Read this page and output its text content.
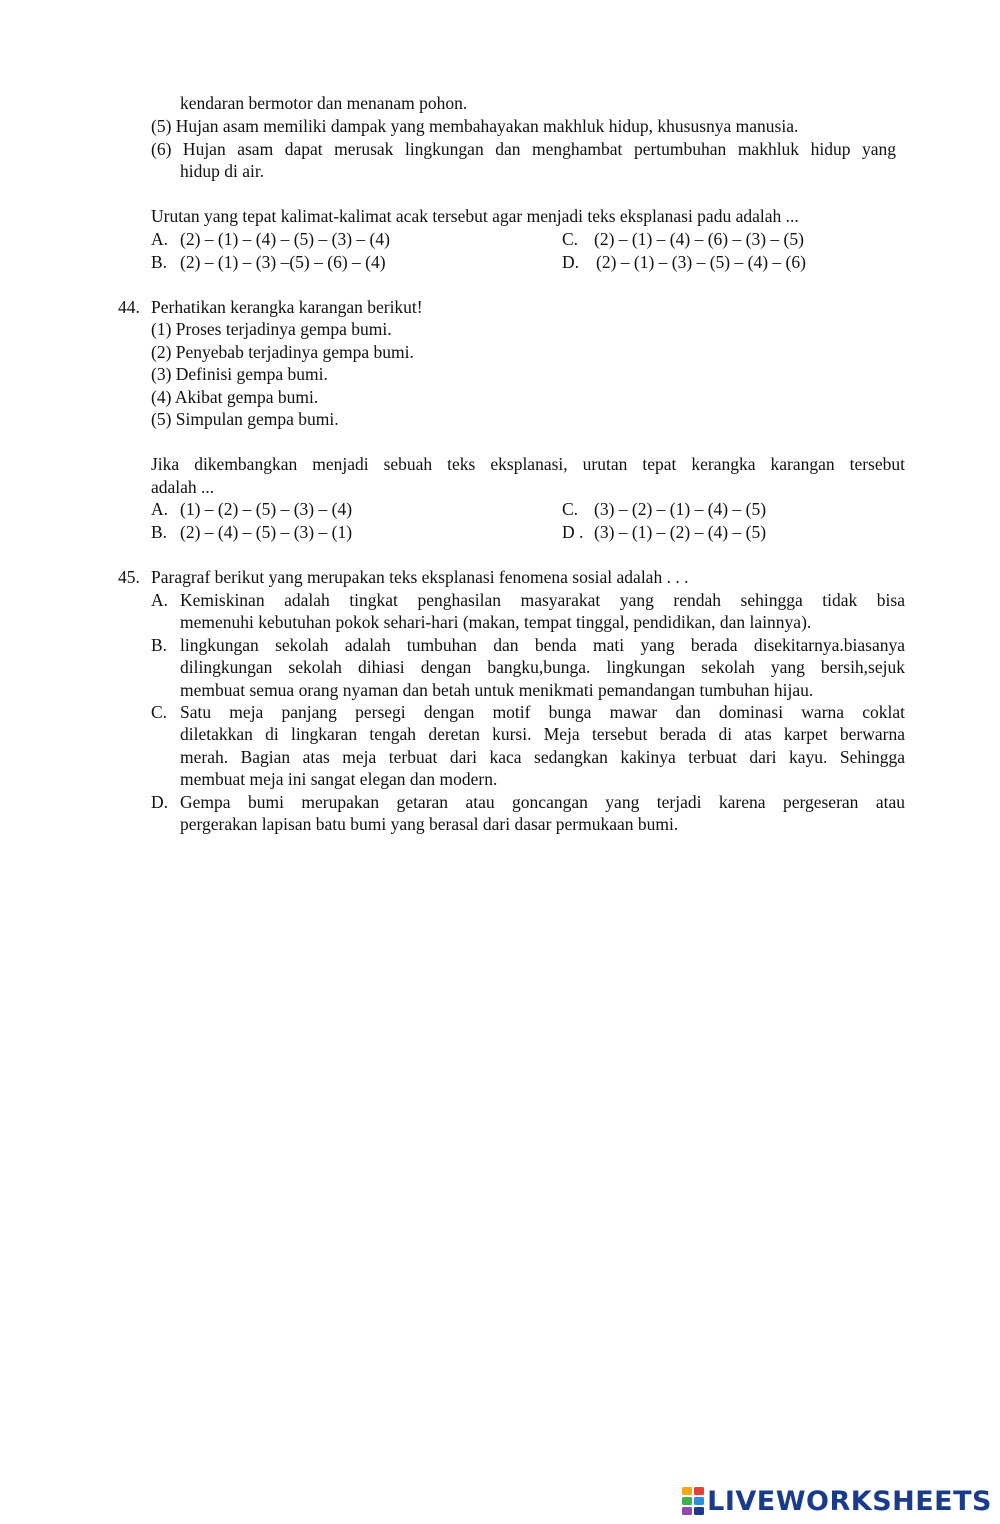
kendaran bermotor dan menanam pohon.
(5) Hujan asam memiliki dampak yang membahayakan makhluk hidup, khususnya manusia.
(6) Hujan asam dapat merusak lingkungan dan menghambat pertumbuhan makhluk hidup yang
hidup di air.
Urutan yang tepat kalimat-kalimat acak tersebut agar menjadi teks eksplanasi padu adalah ...
A. (2) – (1) – (4) – (5) – (3) – (4)	C. (2) – (1) – (4) – (6) – (3) – (5)
B. (2) – (1) – (3) –(5) – (6) – (4)	D. (2) – (1) – (3) – (5) – (4) – (6)
44. Perhatikan kerangka karangan berikut!
(1) Proses terjadinya gempa bumi.
(2) Penyebab terjadinya gempa bumi.
(3) Definisi gempa bumi.
(4) Akibat gempa bumi.
(5) Simpulan gempa bumi.
Jika dikembangkan menjadi sebuah teks eksplanasi, urutan tepat kerangka karangan tersebut
adalah ...
A. (1) – (2) – (5) – (3) – (4)	C. (3) – (2) – (1) – (4) – (5)
B. (2) – (4) – (5) – (3) – (1)	D . (3) – (1) – (2) – (4) – (5)
45. Paragraf berikut yang merupakan teks eksplanasi fenomena sosial adalah . . .
A. Kemiskinan adalah tingkat penghasilan masyarakat yang rendah sehingga tidak bisa
memenuhi kebutuhan pokok sehari-hari (makan, tempat tinggal, pendidikan, dan lainnya).
B. lingkungan sekolah adalah tumbuhan dan benda mati yang berada disekitarnya.biasanya
dilingkungan sekolah dihiasi dengan bangku,bunga. lingkungan sekolah yang bersih,sejuk
membuat semua orang nyaman dan betah untuk menikmati pemandangan tumbuhan hijau.
C. Satu meja panjang persegi dengan motif bunga mawar dan dominasi warna coklat
diletakkan di lingkaran tengah deretan kursi. Meja tersebut berada di atas karpet berwarna
merah. Bagian atas meja terbuat dari kaca sedangkan kakinya terbuat dari kayu. Sehingga
membuat meja ini sangat elegan dan modern.
D. Gempa bumi merupakan getaran atau goncangan yang terjadi karena pergeseran atau
pergerakan lapisan batu bumi yang berasal dari dasar permukaan bumi.
LIVEWORKSHEETS
